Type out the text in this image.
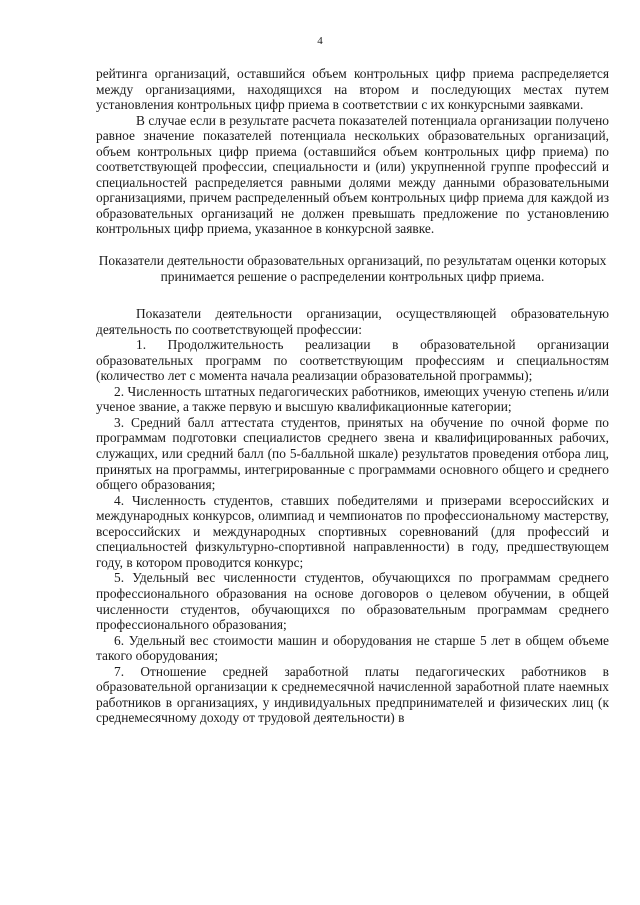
4

рейтинга организаций, оставшийся объем контрольных цифр приема распределяется между организациями, находящихся на втором и последующих местах путем установления контрольных цифр приема в соответствии с их конкурсными заявками.

В случае если в результате расчета показателей потенциала организации получено равное значение показателей потенциала нескольких образовательных организаций, объем контрольных цифр приема (оставшийся объем контрольных цифр приема) по соответствующей профессии, специальности и (или) укрупненной группе профессий и специальностей распределяется равными долями между данными образовательными организациями, причем распределенный объем контрольных цифр приема для каждой из образовательных организаций не должен превышать предложение по установлению контрольных цифр приема, указанное в конкурсной заявке.

Показатели деятельности образовательных организаций, по результатам оценки которых принимается решение о распределении контрольных цифр приема.

Показатели деятельности организации, осуществляющей образовательную деятельность по соответствующей профессии:

1. Продолжительность реализации в образовательной организации образовательных программ по соответствующим профессиям и специальностям (количество лет с момента начала реализации образовательной программы);

2. Численность штатных педагогических работников, имеющих ученую степень и/или ученое звание, а также первую и высшую квалификационные категории;

3. Средний балл аттестата студентов, принятых на обучение по очной форме по программам подготовки специалистов среднего звена и квалифицированных рабочих, служащих, или средний балл (по 5-балльной шкале) результатов проведения отбора лиц, принятых на программы, интегрированные с программами основного общего и среднего общего образования;

4. Численность студентов, ставших победителями и призерами всероссийских и международных конкурсов, олимпиад и чемпионатов по профессиональному мастерству, всероссийских и международных спортивных соревнований (для профессий и специальностей физкультурно-спортивной направленности) в году, предшествующем году, в котором проводится конкурс;

5. Удельный вес численности студентов, обучающихся по программам среднего профессионального образования на основе договоров о целевом обучении, в общей численности студентов, обучающихся по образовательным программам среднего профессионального образования;

6. Удельный вес стоимости машин и оборудования не старше 5 лет в общем объеме такого оборудования;

7. Отношение средней заработной платы педагогических работников в образовательной организации к среднемесячной начисленной заработной плате наемных работников в организациях, у индивидуальных предпринимателей и физических лиц (к среднемесячному доходу от трудовой деятельности) в
